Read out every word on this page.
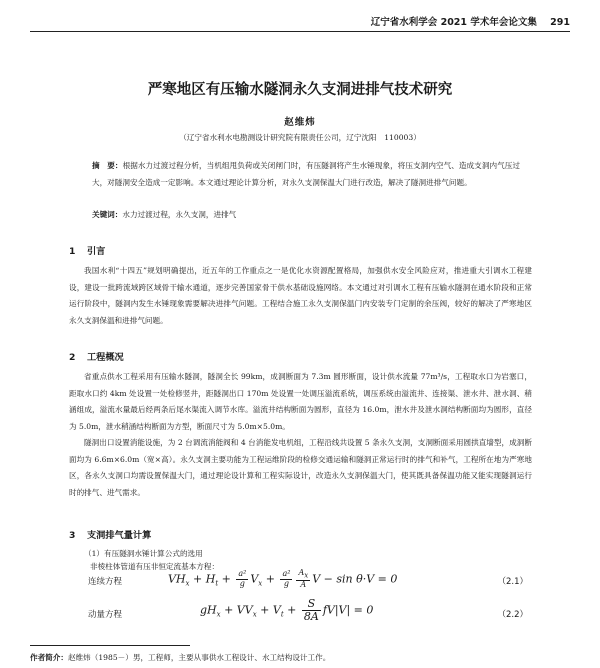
辽宁省水利学会 2021 学术年会论文集 291
严寒地区有压输水隧洞永久支洞进排气技术研究
赵维炜
（辽宁省水利水电勘测设计研究院有限责任公司，辽宁沈阳　110003）
摘　要：根据水力过渡过程分析，当机组甩负荷或关闭闸门时，有压隧洞将产生水锤现象，将压支洞内空气、造成支洞内气压过大，对隧洞安全造成一定影响。本文通过理论计算分析，对永久支洞保温大门进行改造，解决了隧洞进排气问题。
关键词：水力过渡过程，永久支洞，进排气
1 引言
我国水利“十四五”规划明确提出，近五年的工作重点之一是优化水资源配置格局，加强供水安全风险应对，推进重大引调水工程建设，建设一批跨流域跨区域骨干输水通道，逐步完善国家骨干供水基础设施网络。本文通过对引调水工程有压输水隧洞在通水阶段和正常运行阶段中，隧洞内发生水锤现象需要解决进排气问题。工程结合施工永久支洞保温门内安装专门定制的余压阀，较好的解决了严寒地区永久支洞保温和进排气问题。
2 工程概况
省重点供水工程采用有压输水隧洞，隧洞全长 99km，成洞断面为 7.3m 圆形断面，设计供水流量 77m³/s，工程取水口为岩塞口，距取水口约 4km 处设置一处检修竖井，距隧洞出口 170m 处设置一处调压溢流系统，调压系统由溢流井、连接渠、泄水井、泄水洞、稍涵组成，溢流水量最后经两条后尾水渠流入调节水库。溢流井结构断面为圆形，直径为 16.0m，泄水井及泄水洞结构断面均为圆形，直径为 5.0m，泄水稍涵结构断面为方型，断面尺寸为 5.0m×5.0m。
隧洞出口设置消能设施，为 2 台调流消能阀和 4 台消能发电机组，工程沿线共设置 5 条永久支洞，支洞断面采用圆拱直墙型，成洞断面均为 6.6m×6.0m（宽×高）。永久支洞主要功能为工程运维阶段的检修交通运输和隧洞正常运行时的排气和补气，工程所在地为严寒地区，各永久支洞口均需设置保温大门，通过理论设计算和工程实际设计，改造永久支洞保温大门，使其既具备保温功能又能实现隧洞运行时的排气、进气需求。
3 支洞排气量计算
（1）有压隧洞水锤计算公式的选用
非棱柱体管道有压非恒定流基本方程：
连续方程	$VH_x + H_t + \frac{\text{a²}}{g} V_x + \frac{\text{a²}}{g} \frac{A_x}{A}$ V − sin θ·V = 0	（2.1）
动量方程	$gH_x + VV_x + V_t + \frac{S}{8A} fV|V| = 0$	（2.2）
作者简介：赵维炜（1985－）男，工程师，主要从事供水工程设计、水工结构设计工作。
